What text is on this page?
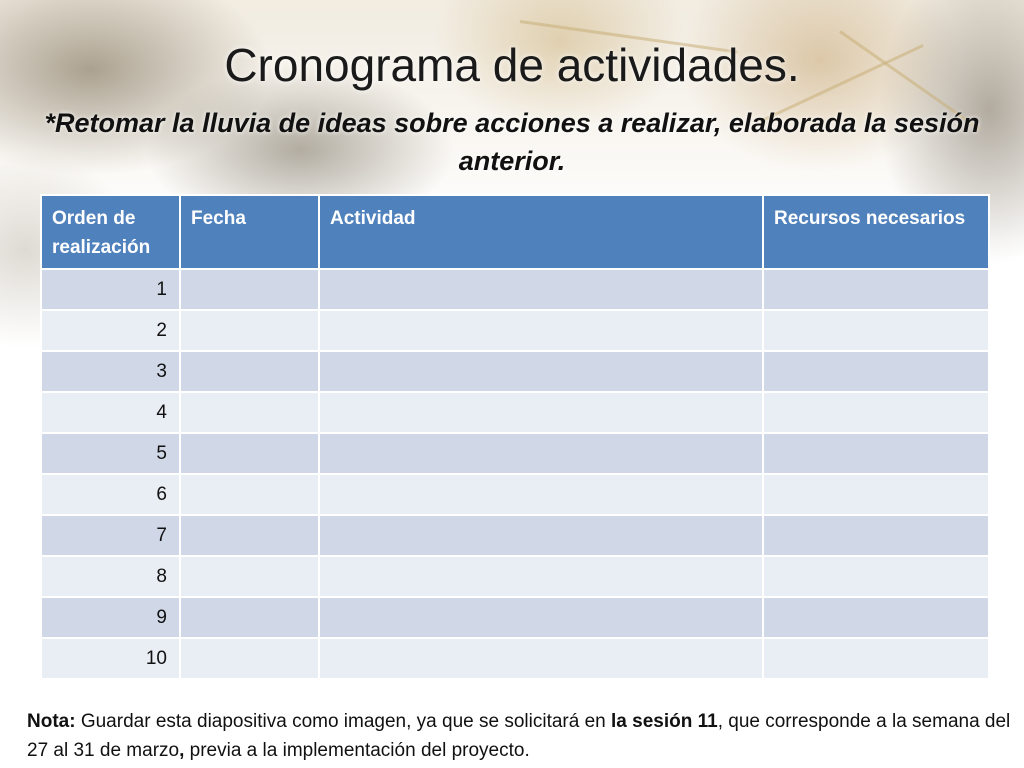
Cronograma de actividades.
*Retomar la lluvia de ideas sobre acciones a realizar, elaborada la sesión anterior.
Orden de realización	Fecha	Actividad	Recursos necesarios
1			
2			
3			
4			
5			
6			
7			
8			
9			
10			
Nota: Guardar esta diapositiva como imagen, ya que se solicitará en la sesión 11, que corresponde a la semana del 27 al 31 de marzo, previa a la implementación del proyecto.
